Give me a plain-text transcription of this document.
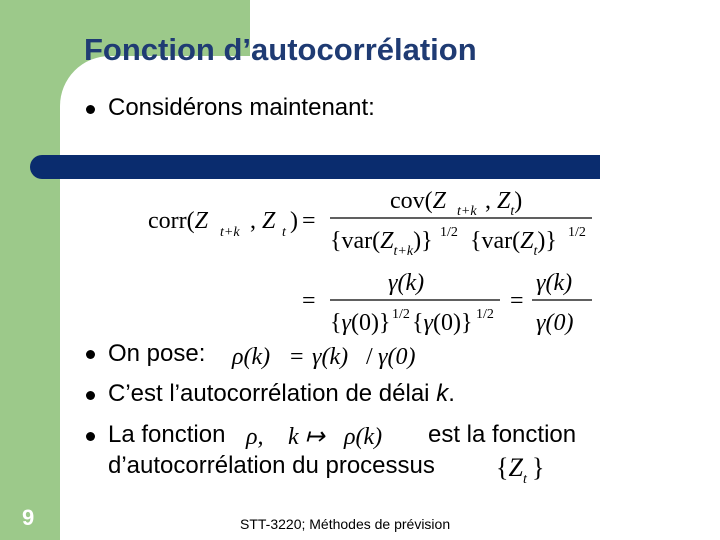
Fonction d’autocorrélation
Considérons maintenant:
corr(Z t+k , Z t ) =
cov(Z t+k , $Z_t$)
$\{var(Z_{t+k})\}$ 1/2 $\{var(Z_t)\}$ 1/2
=
γ(k)
{γ(0)} 1/2 {γ(0)} 1/2
=
γ(k)
γ(0)
On pose: ρ(k) = γ(k) / γ(0)
C’est l’autocorrélation de délai k.
La fonction ρ, k ↦ ρ(k) est la fonction
d’autocorrélation du processus {$Z_t$ }
9	STT-3220; Méthodes de prévision
